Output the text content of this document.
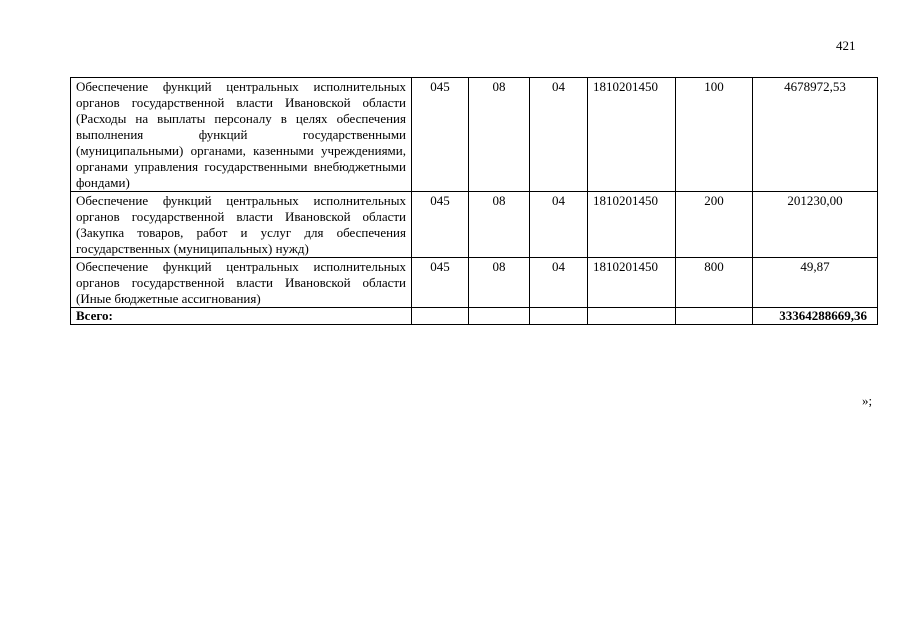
421
Обеспечение функций центральных исполнительных органов государственной власти Ивановской области (Расходы на выплаты персоналу в целях обеспечения выполнения функций государственными (муниципальными) органами, казенными учреждениями, органами управления государственными внебюджетными фондами)	045	08	04	1810201450	100	4678972,53
Обеспечение функций центральных исполнительных органов государственной власти Ивановской области (Закупка товаров, работ и услуг для обеспечения государственных (муниципальных) нужд)	045	08	04	1810201450	200	201230,00
Обеспечение функций центральных исполнительных органов государственной власти Ивановской области (Иные бюджетные ассигнования)	045	08	04	1810201450	800	49,87
Всего:						33364288669,36
»;
